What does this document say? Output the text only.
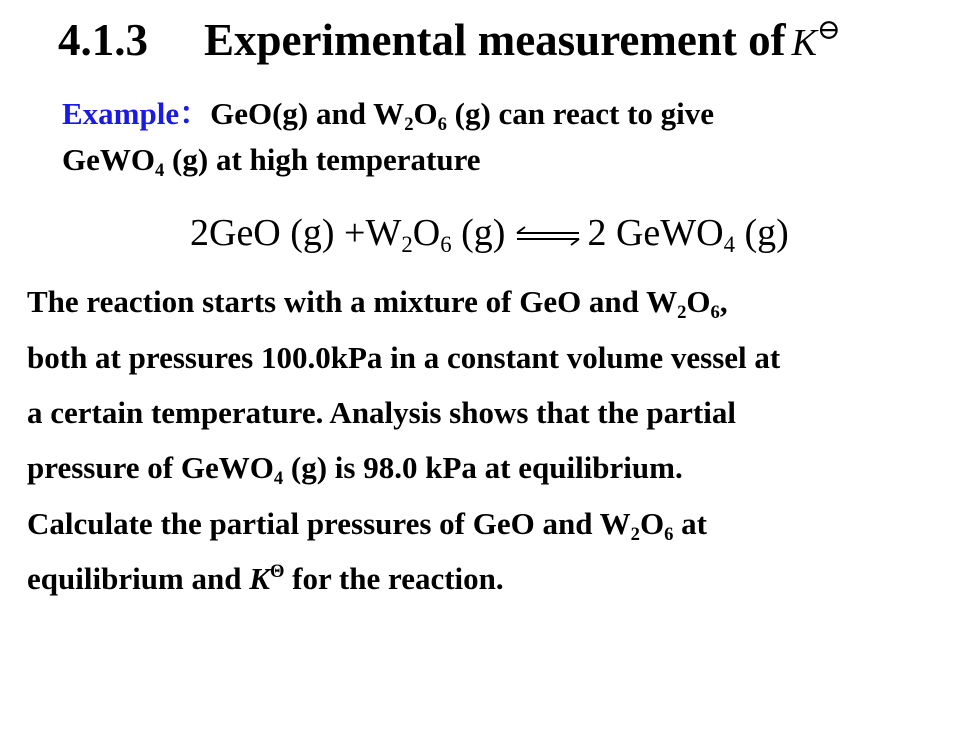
4.1.3 Experimental measurement of K⊖
Example：GeO(g) and $W_2O_6$ (g) can react to give
GeWO$_4$ (g) at high temperature
2GeO $(g) +W_2O_6$ (g) ⇌ 2 GeWO$_4$ (g)
The reaction starts with a mixture of GeO and $W_2O_6$,
both at pressures 100.0kPa in a constant volume vessel at
a certain temperature. Analysis shows that the partial
pressure of GeWO$_4$ (g) is 98.0 kPa at equilibrium.
Calculate the partial pressures of GeO and $W_2O_6$ at
equilibrium and $K^\Theta$ for the reaction.
